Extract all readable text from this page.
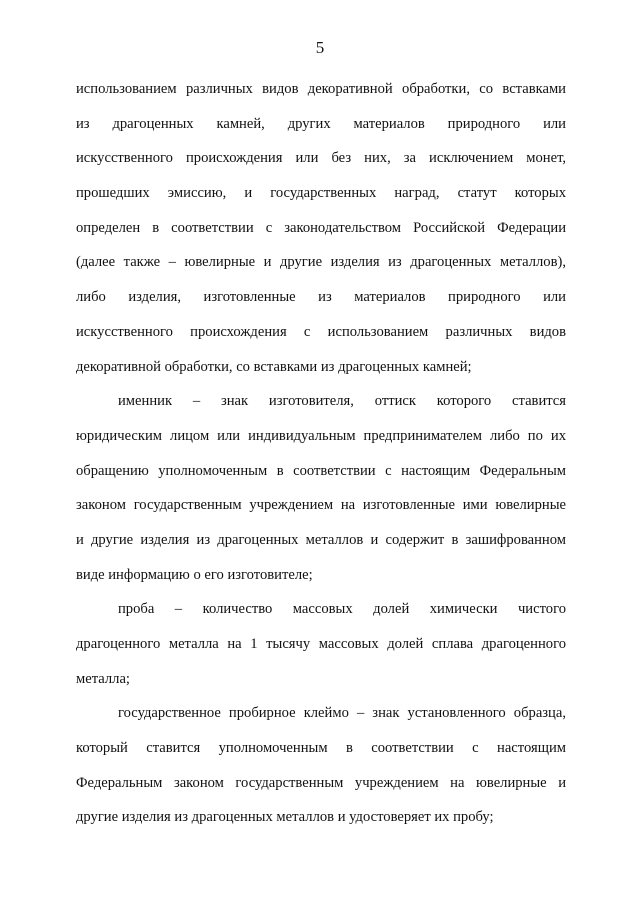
5
использованием различных видов декоративной обработки, со вставками
из драгоценных камней, других материалов природного или
искусственного происхождения или без них, за исключением монет,
прошедших эмиссию, и государственных наград, статут которых
определен в соответствии с законодательством Российской Федерации
(далее также – ювелирные и другие изделия из драгоценных металлов),
либо изделия, изготовленные из материалов природного или
искусственного происхождения с использованием различных видов
декоративной обработки, со вставками из драгоценных камней;
именник – знак изготовителя, оттиск которого ставится
юридическим лицом или индивидуальным предпринимателем либо по их
обращению уполномоченным в соответствии с настоящим Федеральным
законом государственным учреждением на изготовленные ими ювелирные
и другие изделия из драгоценных металлов и содержит в зашифрованном
виде информацию о его изготовителе;
проба – количество массовых долей химически чистого
драгоценного металла на 1 тысячу массовых долей сплава драгоценного
металла;
государственное пробирное клеймо – знак установленного образца,
который ставится уполномоченным в соответствии с настоящим
Федеральным законом государственным учреждением на ювелирные и
другие изделия из драгоценных металлов и удостоверяет их пробу;
